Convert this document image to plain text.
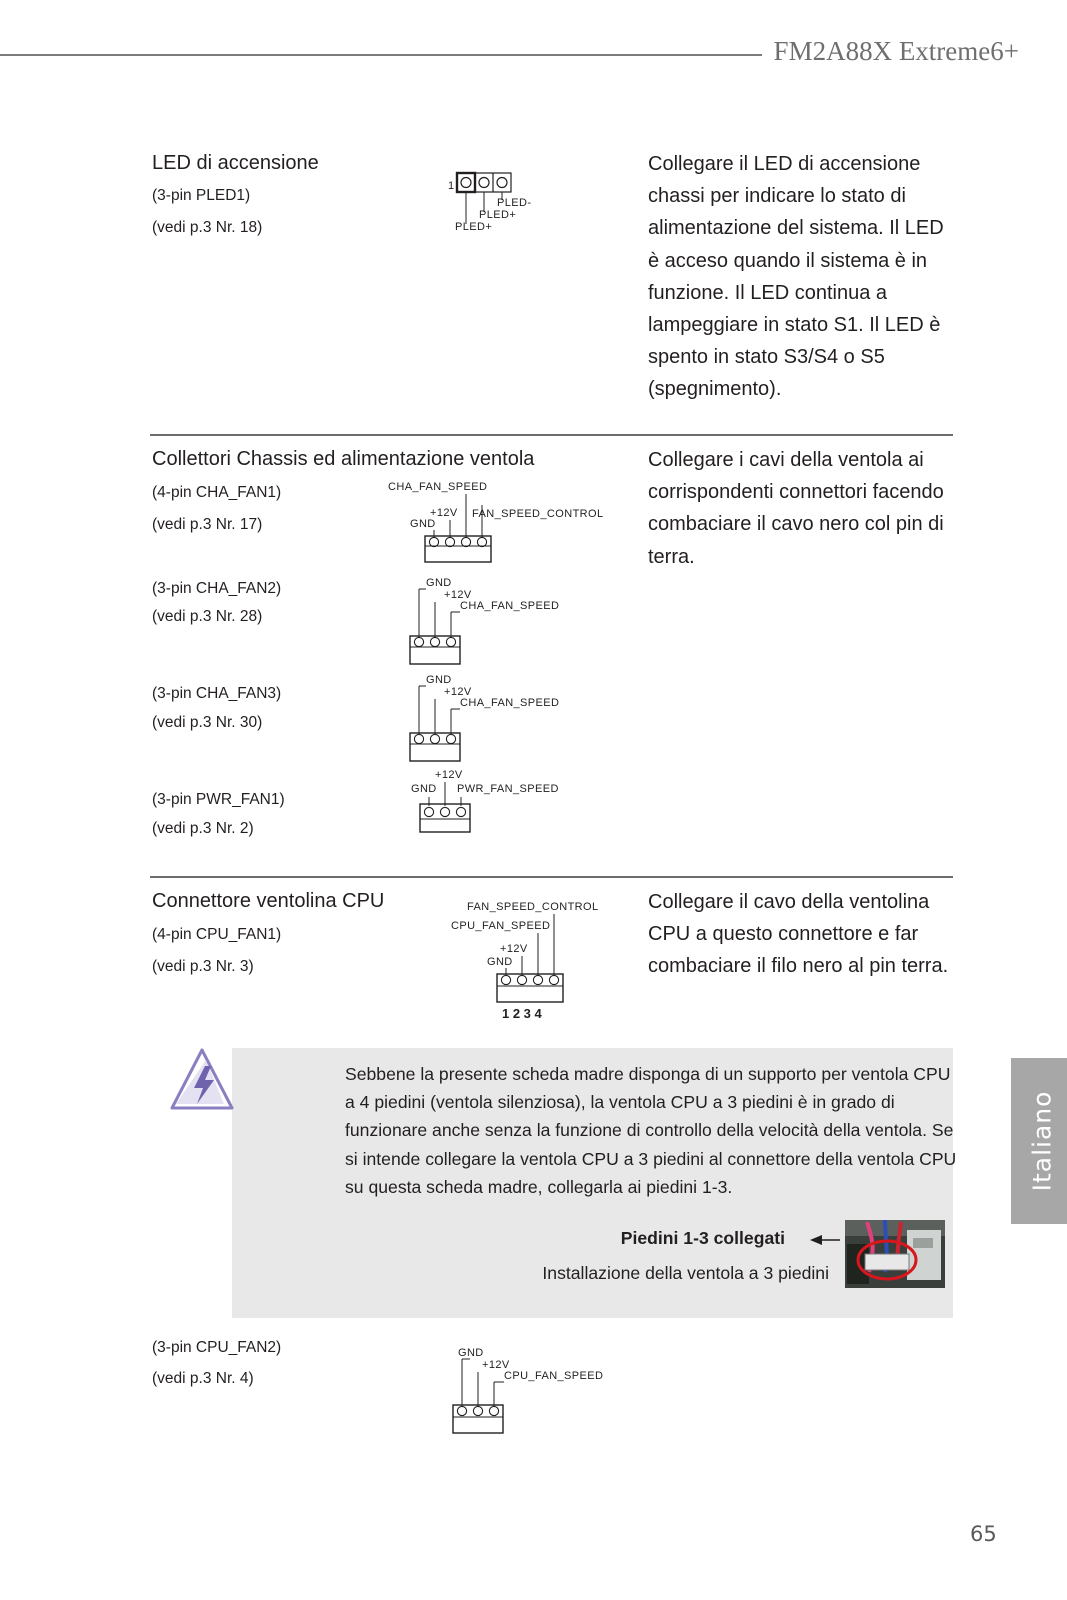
FM2A88X Extreme6+
LED di accensione
(3-pin PLED1)
(vedi p.3 Nr. 18)
Collegare il LED di accensione chassi per indicare lo stato di alimentazione del sistema. Il LED è acceso quando il sistema è in funzione. Il LED continua a lampeggiare in stato S1. Il LED è spento in stato S3/S4 o S5 (spegnimento).
1
PLED-
PLED+
PLED+
Collettori Chassis ed alimentazione ventola	Collegare i cavi della ventola ai corrispondenti connettori facendo combaciare il cavo nero col pin di terra.
(4-pin CHA_FAN1)
(vedi p.3 Nr. 17)
CHA_FAN_SPEED
+12V
GND
FAN_SPEED_CONTROL
(3-pin CHA_FAN2)
(vedi p.3 Nr. 28)
GND
+12V
CHA_FAN_SPEED
(3-pin CHA_FAN3)
(vedi p.3 Nr. 30)
GND
+12V
CHA_FAN_SPEED
(3-pin PWR_FAN1)
(vedi p.3 Nr. 2)
+12V
GND PWR_FAN_SPEED
Connettore ventolina CPU
(4-pin CPU_FAN1)
(vedi p.3 Nr. 3)
Collegare il cavo della ventolina CPU a questo connettore e far combaciare il filo nero al pin terra.
FAN_SPEED_CONTROL
CPU_FAN_SPEED
+12V
GND
1 2 3 4
Sebbene la presente scheda madre disponga di un supporto per ventola CPU a 4 piedini (ventola silenziosa), la ventola CPU a 3 piedini è in grado di funzionare anche senza la funzione di controllo della velocità della ventola. Se si intende collegare la ventola CPU a 3 piedini al connettore della ventola CPU su questa scheda madre, collegarla ai piedini 1-3.
Piedini 1-3 collegati
Installazione della ventola a 3 piedini
(3-pin CPU_FAN2)
(vedi p.3 Nr. 4)
GND
+12V
CPU_FAN_SPEED
Italiano
65
